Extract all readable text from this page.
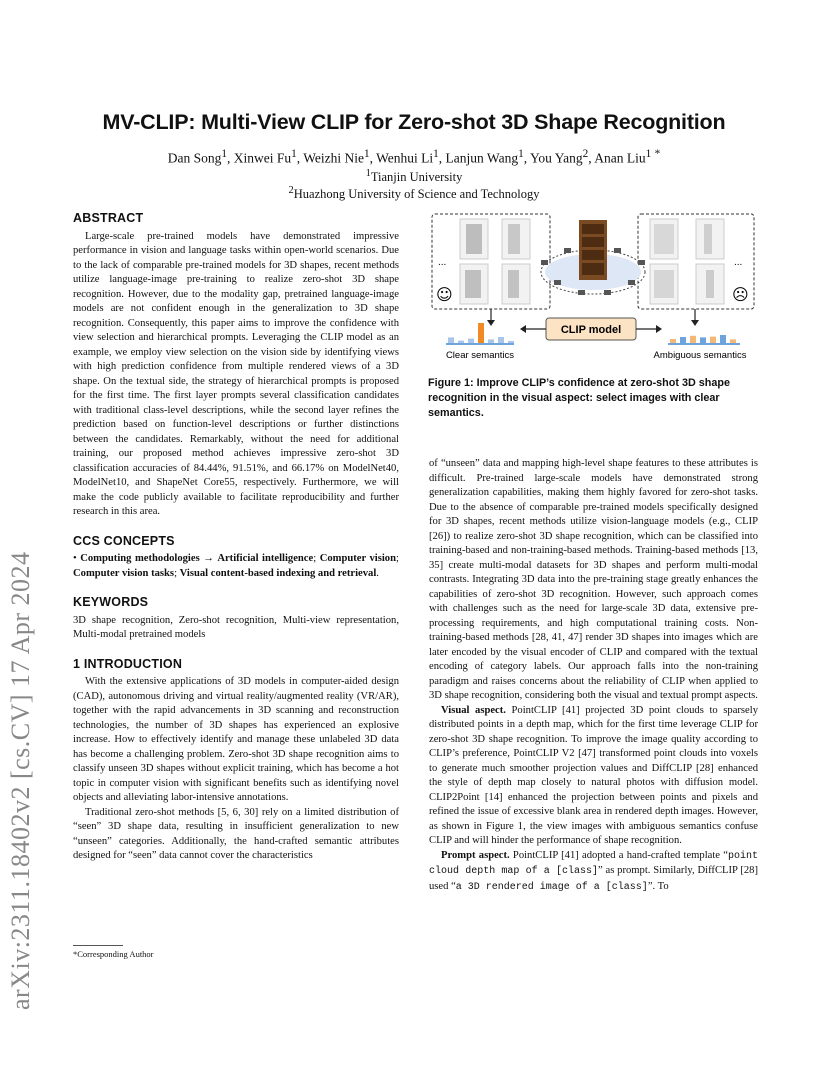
arXiv:2311.18402v2 [cs.CV] 17 Apr 2024
MV-CLIP: Multi-View CLIP for Zero-shot 3D Shape Recognition
Dan Song$^1$, Xinwei Fu$^1$, Weizhi Nie$^1$, Wenhui Li$^1$, Lanjun Wang$^1$, You Yang$^2$, Anan Liu$^1$ *
$^1$Tianjin University
$^2$Huazhong University of Science and Technology
ABSTRACT

Large-scale pre-trained models have demonstrated impressive performance in vision and language tasks within open-world scenarios. Due to the lack of comparable pre-trained models for 3D shapes, recent methods utilize language-image pre-training to realize zero-shot 3D shape recognition. However, due to the modality gap, pretrained language-image models are not confident enough in the generalization to 3D shape recognition. Consequently, this paper aims to improve the confidence with view selection and hierarchical prompts. Leveraging the CLIP model as an example, we employ view selection on the vision side by identifying views with high prediction confidence from multiple rendered views of a 3D shape. On the textual side, the strategy of hierarchical prompts is proposed for the first time. The first layer prompts several classification candidates with traditional class-level descriptions, while the second layer refines the prediction based on function-level descriptions or further distinctions between the candidates. Remarkably, without the need for additional training, our proposed method achieves impressive zero-shot 3D classification accuracies of 84.44%, 91.51%, and 66.17% on ModelNet40, ModelNet10, and ShapeNet Core55, respectively. Furthermore, we will make the code publicly available to facilitate reproducibility and further research in this area.

CCS CONCEPTS

• Computing methodologies → Artificial intelligence; Computer vision; Computer vision tasks; Visual content-based indexing and retrieval.

KEYWORDS

3D shape recognition, Zero-shot recognition, Multi-view representation, Multi-modal pretrained models

1 INTRODUCTION

With the extensive applications of 3D models in computer-aided design (CAD), autonomous driving and virtual reality/augmented reality (VR/AR), together with the rapid advancements in 3D scanning and reconstruction technologies, the number of 3D shapes has experienced an explosive increase. How to effectively identify and manage these unlabeled 3D data has become a challenging problem. Zero-shot 3D shape recognition aims to classify unseen 3D shapes without explicit training, which has become a hot topic in computer vision with significant benefits such as identifying novel objects and alleviating labor-intensive annotations.

Traditional zero-shot methods [5, 6, 30] rely on a limited distribution of “seen” 3D shape data, resulting in insufficient generalization to new “unseen” categories. Additionally, the hand-crafted semantic attributes designed for “seen” data cannot cover the characteristics

*Corresponding Author
...
☺
...
☹
CLIP model
Clear semantics	Ambiguous semantics
Figure 1: Improve CLIP’s confidence at zero-shot 3D shape recognition in the visual aspect: select images with clear semantics.

of “unseen” data and mapping high-level shape features to these attributes is difficult. Pre-trained large-scale models have demonstrated strong generalization capabilities, making them highly favored for zero-shot tasks. Due to the absence of comparable pre-trained models specifically designed for 3D shapes, recent methods utilize vision-language models (e.g., CLIP [26]) to realize zero-shot 3D shape recognition, which can be classified into training-based and non-training-based methods. Training-based methods [13, 35] create multi-modal datasets for 3D shapes and perform multi-modal contrasts. Integrating 3D data into the pre-training stage greatly enhances the capabilities of zero-shot 3D recognition. However, such approach comes with challenges such as the need for large-scale 3D data, extensive pre-processing requirements, and high computational training costs. Non-training-based methods [28, 41, 47] render 3D shapes into images which are later encoded by the visual encoder of CLIP and compared with the textual encoding of category labels. Our approach falls into the non-training paradigm and raises concerns about the reliability of CLIP when applied to 3D shape recognition, considering both the visual and textual prompt aspects.

Visual aspect. PointCLIP [41] projected 3D point clouds to sparsely distributed points in a depth map, which for the first time leverage CLIP for zero-shot 3D shape recognition. To improve the image quality according to CLIP’s preference, PointCLIP V2 [47] transformed point clouds into voxels to generate much smoother projection values and DiffCLIP [28] enhanced the style of depth map closely to natural photos with diffusion model. CLIP2Point [14] enhanced the projection between points and pixels and refined the issue of excessive blank area in rendered depth images. However, as shown in Figure 1, the view images with ambiguous semantics confuse CLIP and will hinder the performance of shape recognition.

Prompt aspect. PointCLIP [41] adopted a hand-crafted template “point cloud depth map of a [class]” as prompt. Similarly, DiffCLIP [28] used “a 3D rendered image of a [class]”. To
